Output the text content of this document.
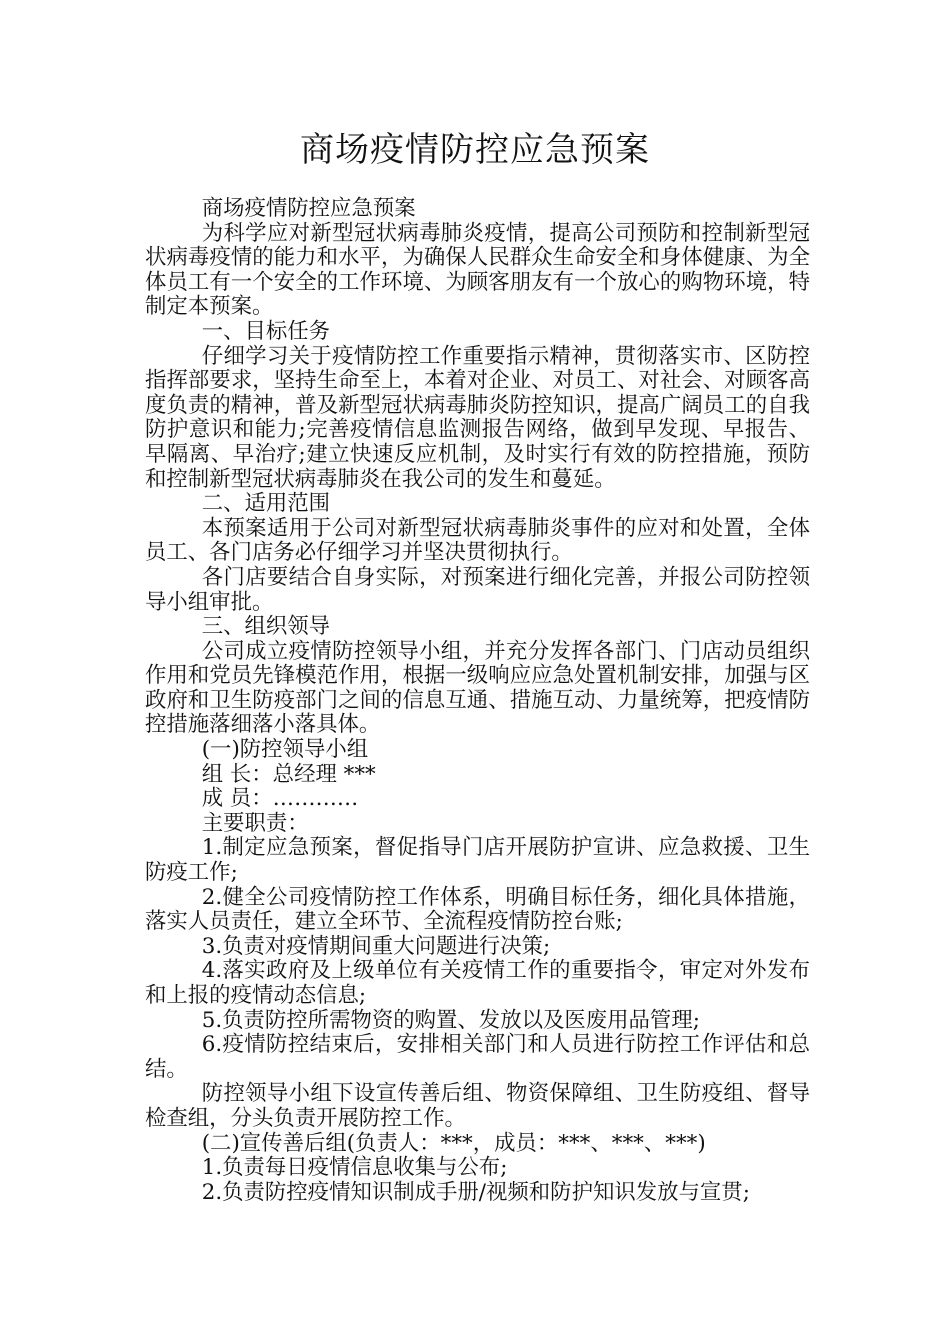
商场疫情防控应急预案

商场疫情防控应急预案

为科学应对新型冠状病毒肺炎疫情，提高公司预防和控制新型冠状病毒疫情的能力和水平，为确保人民群众生命安全和身体健康、为全体员工有一个安全的工作环境、为顾客朋友有一个放心的购物环境，特制定本预案。

一、目标任务

仔细学习关于疫情防控工作重要指示精神，贯彻落实市、区防控指挥部要求，坚持生命至上，本着对企业、对员工、对社会、对顾客高度负责的精神，普及新型冠状病毒肺炎防控知识，提高广阔员工的自我防护意识和能力;完善疫情信息监测报告网络，做到早发现、早报告、早隔离、早治疗;建立快速反应机制，及时实行有效的防控措施，预防和控制新型冠状病毒肺炎在我公司的发生和蔓延。

二、适用范围

本预案适用于公司对新型冠状病毒肺炎事件的应对和处置，全体员工、各门店务必仔细学习并坚决贯彻执行。

各门店要结合自身实际，对预案进行细化完善，并报公司防控领导小组审批。

三、组织领导

公司成立疫情防控领导小组，并充分发挥各部门、门店动员组织作用和党员先锋模范作用，根据一级响应应急处置机制安排，加强与区政府和卫生防疫部门之间的信息互通、措施互动、力量统筹，把疫情防控措施落细落小落具体。

(一)防控领导小组

组 长：总经理 ***

成 员：…………

主要职责：

1.制定应急预案，督促指导门店开展防护宣讲、应急救援、卫生防疫工作;

2.健全公司疫情防控工作体系，明确目标任务，细化具体措施，落实人员责任，建立全环节、全流程疫情防控台账;

3.负责对疫情期间重大问题进行决策;

4.落实政府及上级单位有关疫情工作的重要指令，审定对外发布和上报的疫情动态信息;

5.负责防控所需物资的购置、发放以及医废用品管理;

6.疫情防控结束后，安排相关部门和人员进行防控工作评估和总结。

防控领导小组下设宣传善后组、物资保障组、卫生防疫组、督导检查组，分头负责开展防控工作。

(二)宣传善后组(负责人：***，成员：***、***、***)

1.负责每日疫情信息收集与公布;

2.负责防控疫情知识制成手册/视频和防护知识发放与宣贯;
